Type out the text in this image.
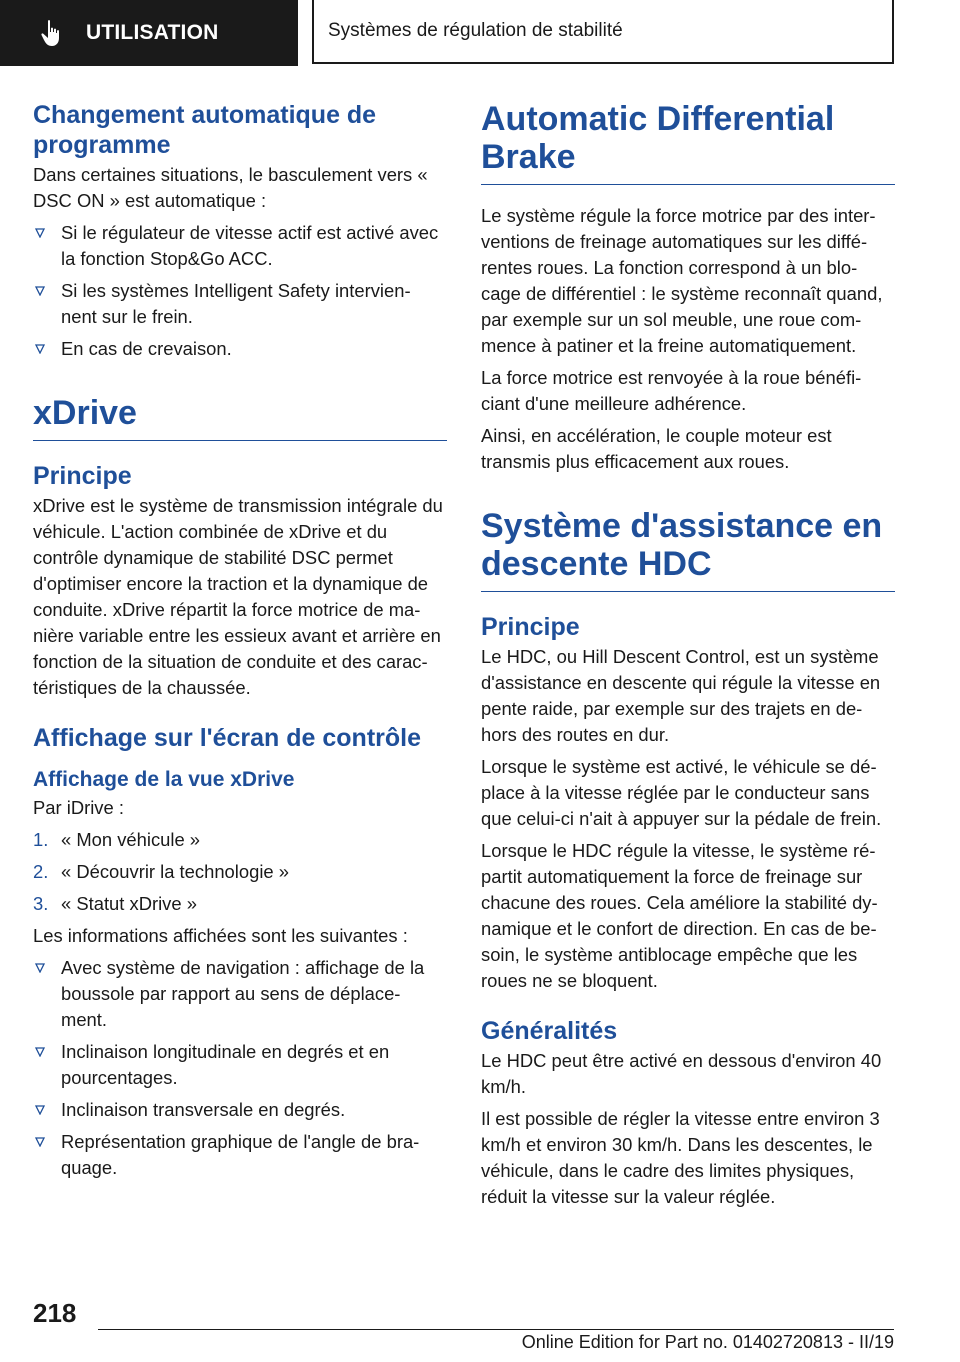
UTILISATION	Systèmes de régulation de stabilité
Changement automatique de programme

Dans certaines situations, le basculement vers « DSC ON » est automatique :

Si le régulateur de vitesse actif est activé avec la fonction Stop&Go ACC.
Si les systèmes Intelligent Safety intervien- nent sur le frein.
En cas de crevaison.
xDrive
Principe

xDrive est le système de transmission intégrale du véhicule. L'action combinée de xDrive et du contrôle dynamique de stabilité DSC permet d'optimiser encore la traction et la dynamique de conduite. xDrive répartit la force motrice de ma- nière variable entre les essieux avant et arrière en fonction de la situation de conduite et des carac- téristiques de la chaussée.

Affichage sur l'écran de contrôle
Affichage de la vue xDrive

Par iDrive :

1. « Mon véhicule »
2. « Découvrir la technologie »
3. « Statut xDrive »

Les informations affichées sont les suivantes :

Avec système de navigation : affichage de la boussole par rapport au sens de déplace- ment.
Inclinaison longitudinale en degrés et en pourcentages.
Inclinaison transversale en degrés.
Représentation graphique de l'angle de bra- quage.
Automatic Differential Brake

Le système régule la force motrice par des inter- ventions de freinage automatiques sur les diffé- rentes roues. La fonction correspond à un blo- cage de différentiel : le système reconnaît quand, par exemple sur un sol meuble, une roue com- mence à patiner et la freine automatiquement.

La force motrice est renvoyée à la roue bénéfi- ciant d'une meilleure adhérence.

Ainsi, en accélération, le couple moteur est transmis plus efficacement aux roues.

Système d'assistance en descente HDC
Principe

Le HDC, ou Hill Descent Control, est un système d'assistance en descente qui régule la vitesse en pente raide, par exemple sur des trajets en de- hors des routes en dur.

Lorsque le système est activé, le véhicule se dé- place à la vitesse réglée par le conducteur sans que celui-ci n'ait à appuyer sur la pédale de frein.

Lorsque le HDC régule la vitesse, le système ré- partit automatiquement la force de freinage sur chacune des roues. Cela améliore la stabilité dy- namique et le confort de direction. En cas de be- soin, le système antiblocage empêche que les roues ne se bloquent.

Généralités

Le HDC peut être activé en dessous d'environ 40 km/h.

Il est possible de régler la vitesse entre environ 3 km/h et environ 30 km/h. Dans les descentes, le véhicule, dans le cadre des limites physiques, réduit la vitesse sur la valeur réglée.

218
Online Edition for Part no. 01402720813 - II/19
